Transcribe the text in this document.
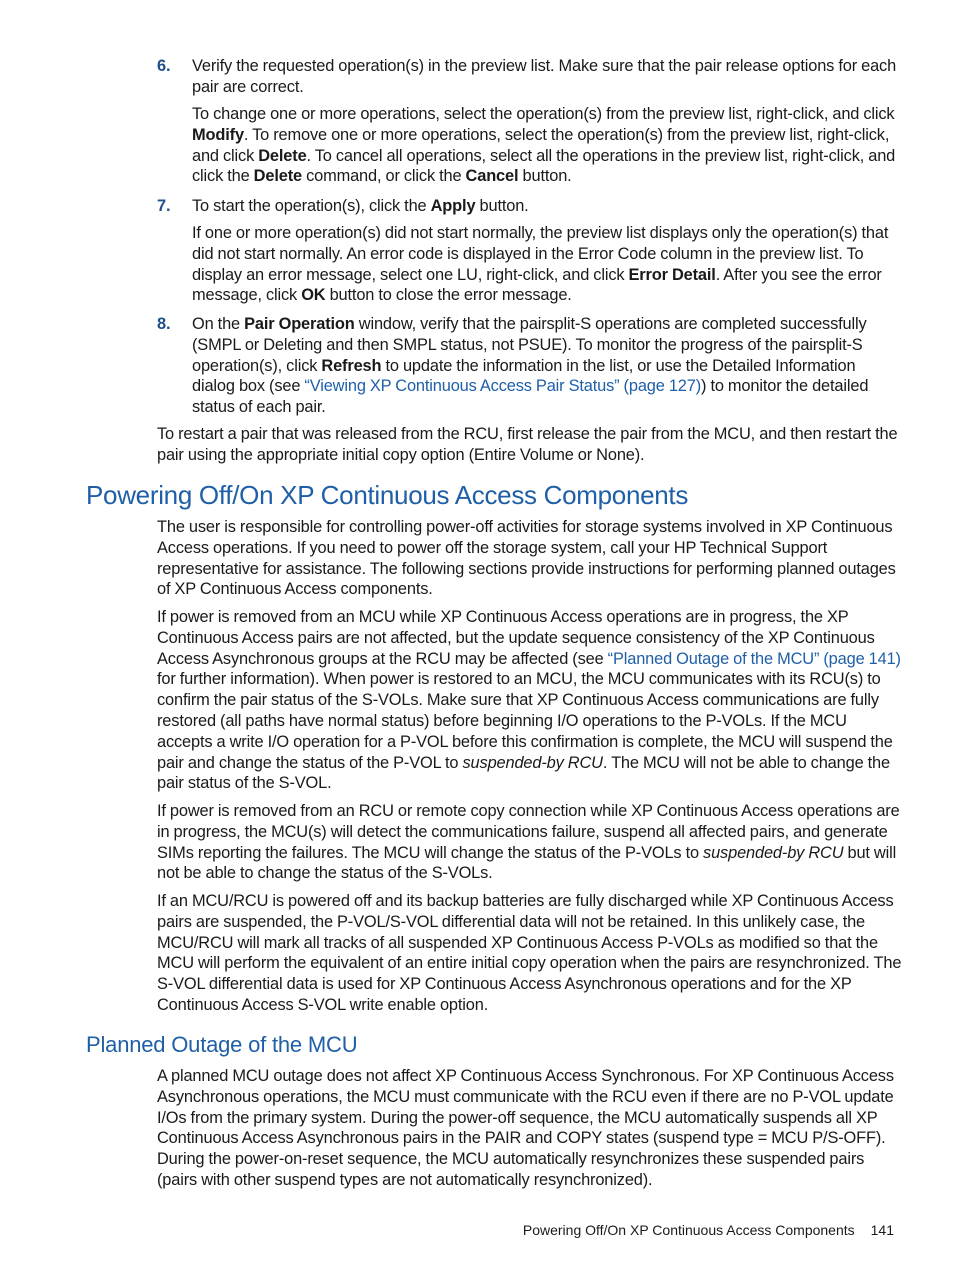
6. Verify the requested operation(s) in the preview list. Make sure that the pair release options for each pair are correct.

To change one or more operations, select the operation(s) from the preview list, right-click, and click Modify. To remove one or more operations, select the operation(s) from the preview list, right-click, and click Delete. To cancel all operations, select all the operations in the preview list, right-click, and click the Delete command, or click the Cancel button.

7. To start the operation(s), click the Apply button.

If one or more operation(s) did not start normally, the preview list displays only the operation(s) that did not start normally. An error code is displayed in the Error Code column in the preview list. To display an error message, select one LU, right-click, and click Error Detail. After you see the error message, click OK button to close the error message.

8. On the Pair Operation window, verify that the pairsplit-S operations are completed successfully (SMPL or Deleting and then SMPL status, not PSUE). To monitor the progress of the pairsplit-S operation(s), click Refresh to update the information in the list, or use the Detailed Information dialog box (see “Viewing XP Continuous Access Pair Status” (page 127)) to monitor the detailed status of each pair.

To restart a pair that was released from the RCU, first release the pair from the MCU, and then restart the pair using the appropriate initial copy option (Entire Volume or None).

Powering Off/On XP Continuous Access Components

The user is responsible for controlling power-off activities for storage systems involved in XP Continuous Access operations. If you need to power off the storage system, call your HP Technical Support representative for assistance. The following sections provide instructions for performing planned outages of XP Continuous Access components.

If power is removed from an MCU while XP Continuous Access operations are in progress, the XP Continuous Access pairs are not affected, but the update sequence consistency of the XP Continuous Access Asynchronous groups at the RCU may be affected (see “Planned Outage of the MCU” (page 141) for further information). When power is restored to an MCU, the MCU communicates with its RCU(s) to confirm the pair status of the S-VOLs. Make sure that XP Continuous Access communications are fully restored (all paths have normal status) before beginning I/O operations to the P-VOLs. If the MCU accepts a write I/O operation for a P-VOL before this confirmation is complete, the MCU will suspend the pair and change the status of the P-VOL to suspended-by RCU. The MCU will not be able to change the pair status of the S-VOL.

If power is removed from an RCU or remote copy connection while XP Continuous Access operations are in progress, the MCU(s) will detect the communications failure, suspend all affected pairs, and generate SIMs reporting the failures. The MCU will change the status of the P-VOLs to suspended-by RCU but will not be able to change the status of the S-VOLs.

If an MCU/RCU is powered off and its backup batteries are fully discharged while XP Continuous Access pairs are suspended, the P-VOL/S-VOL differential data will not be retained. In this unlikely case, the MCU/RCU will mark all tracks of all suspended XP Continuous Access P-VOLs as modified so that the MCU will perform the equivalent of an entire initial copy operation when the pairs are resynchronized. The S-VOL differential data is used for XP Continuous Access Asynchronous operations and for the XP Continuous Access S-VOL write enable option.

Planned Outage of the MCU

A planned MCU outage does not affect XP Continuous Access Synchronous. For XP Continuous Access Asynchronous operations, the MCU must communicate with the RCU even if there are no P-VOL update I/Os from the primary system. During the power-off sequence, the MCU automatically suspends all XP Continuous Access Asynchronous pairs in the PAIR and COPY states (suspend type = MCU P/S-OFF). During the power-on-reset sequence, the MCU automatically resynchronizes these suspended pairs (pairs with other suspend types are not automatically resynchronized).

Powering Off/On XP Continuous Access Components 141
